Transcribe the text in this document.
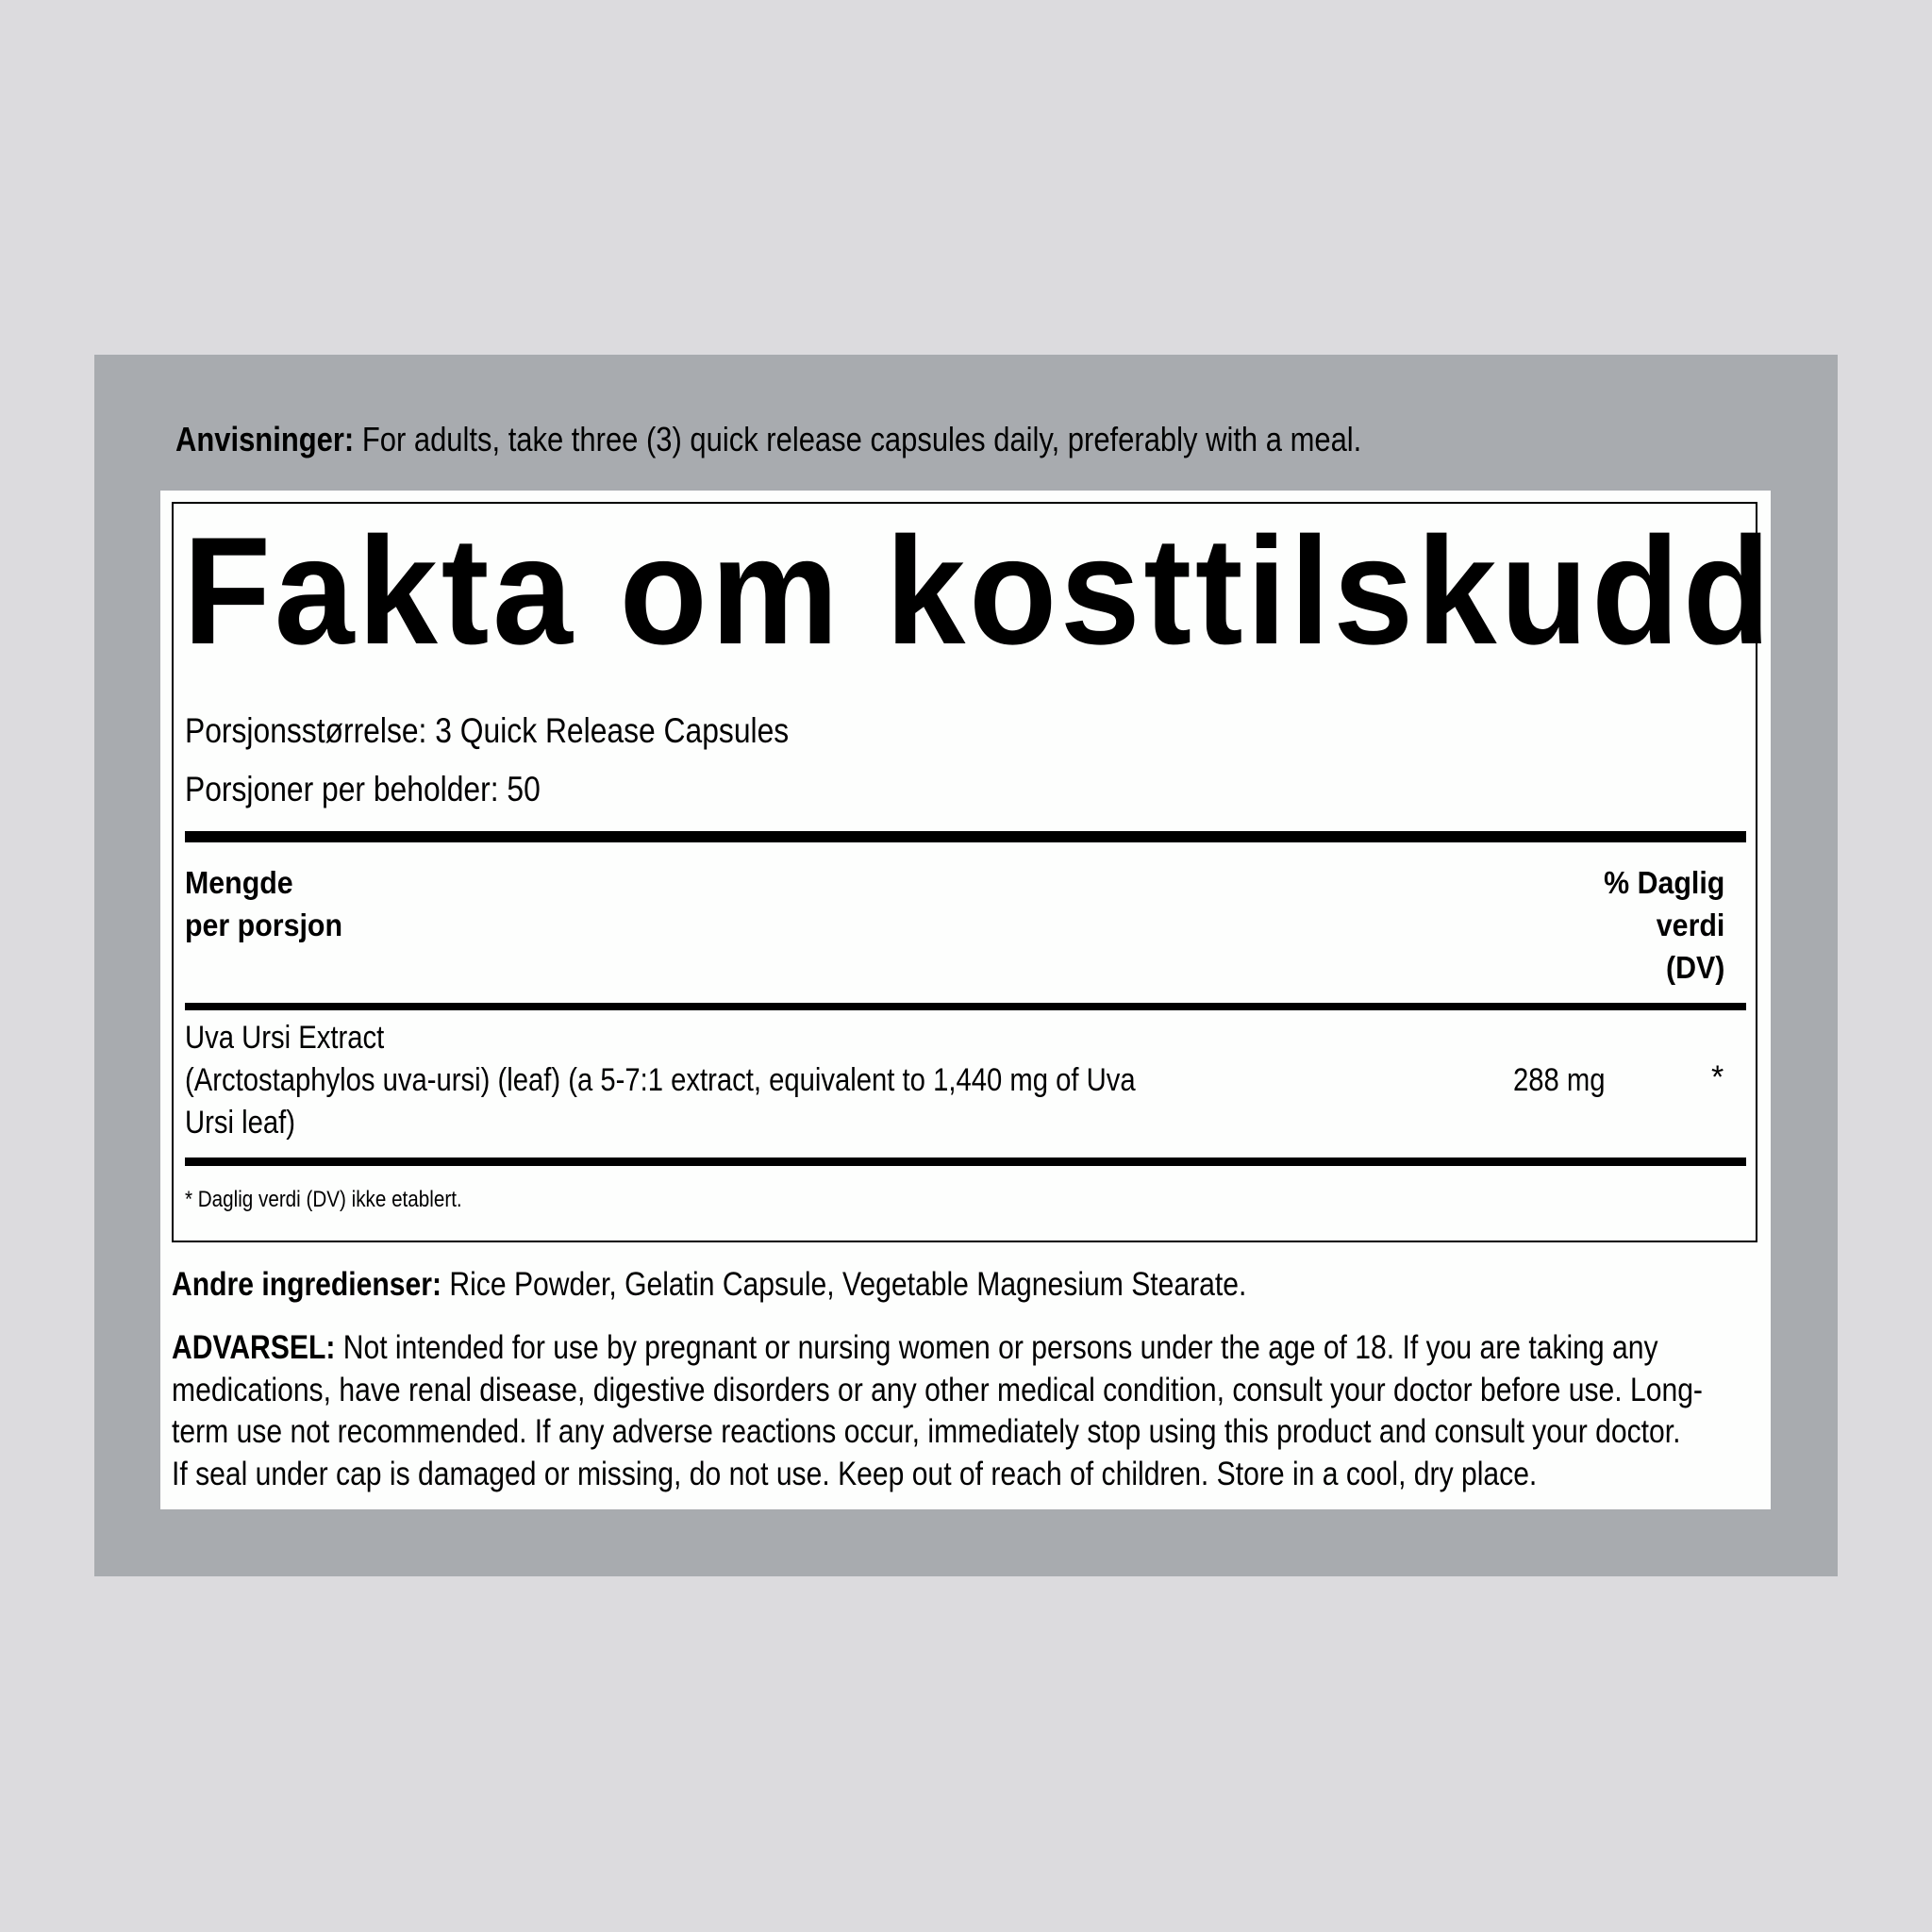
Anvisninger: For adults, take three (3) quick release capsules daily, preferably with a meal.
Fakta om kosttilskudd
Porsjonsstørrelse: 3 Quick Release Capsules
Porsjoner per beholder: 50
Mengde
per porsjon
% Daglig
verdi
(DV)
Uva Ursi Extract
(Arctostaphylos uva-ursi) (leaf) (a 5-7:1 extract, equivalent to 1,440 mg of Uva
Ursi leaf)
288 mg	*
* Daglig verdi (DV) ikke etablert.
Andre ingredienser: Rice Powder, Gelatin Capsule, Vegetable Magnesium Stearate.
ADVARSEL: Not intended for use by pregnant or nursing women or persons under the age of 18. If you are taking any
medications, have renal disease, digestive disorders or any other medical condition, consult your doctor before use. Long-
term use not recommended. If any adverse reactions occur, immediately stop using this product and consult your doctor.
If seal under cap is damaged or missing, do not use. Keep out of reach of children. Store in a cool, dry place.
